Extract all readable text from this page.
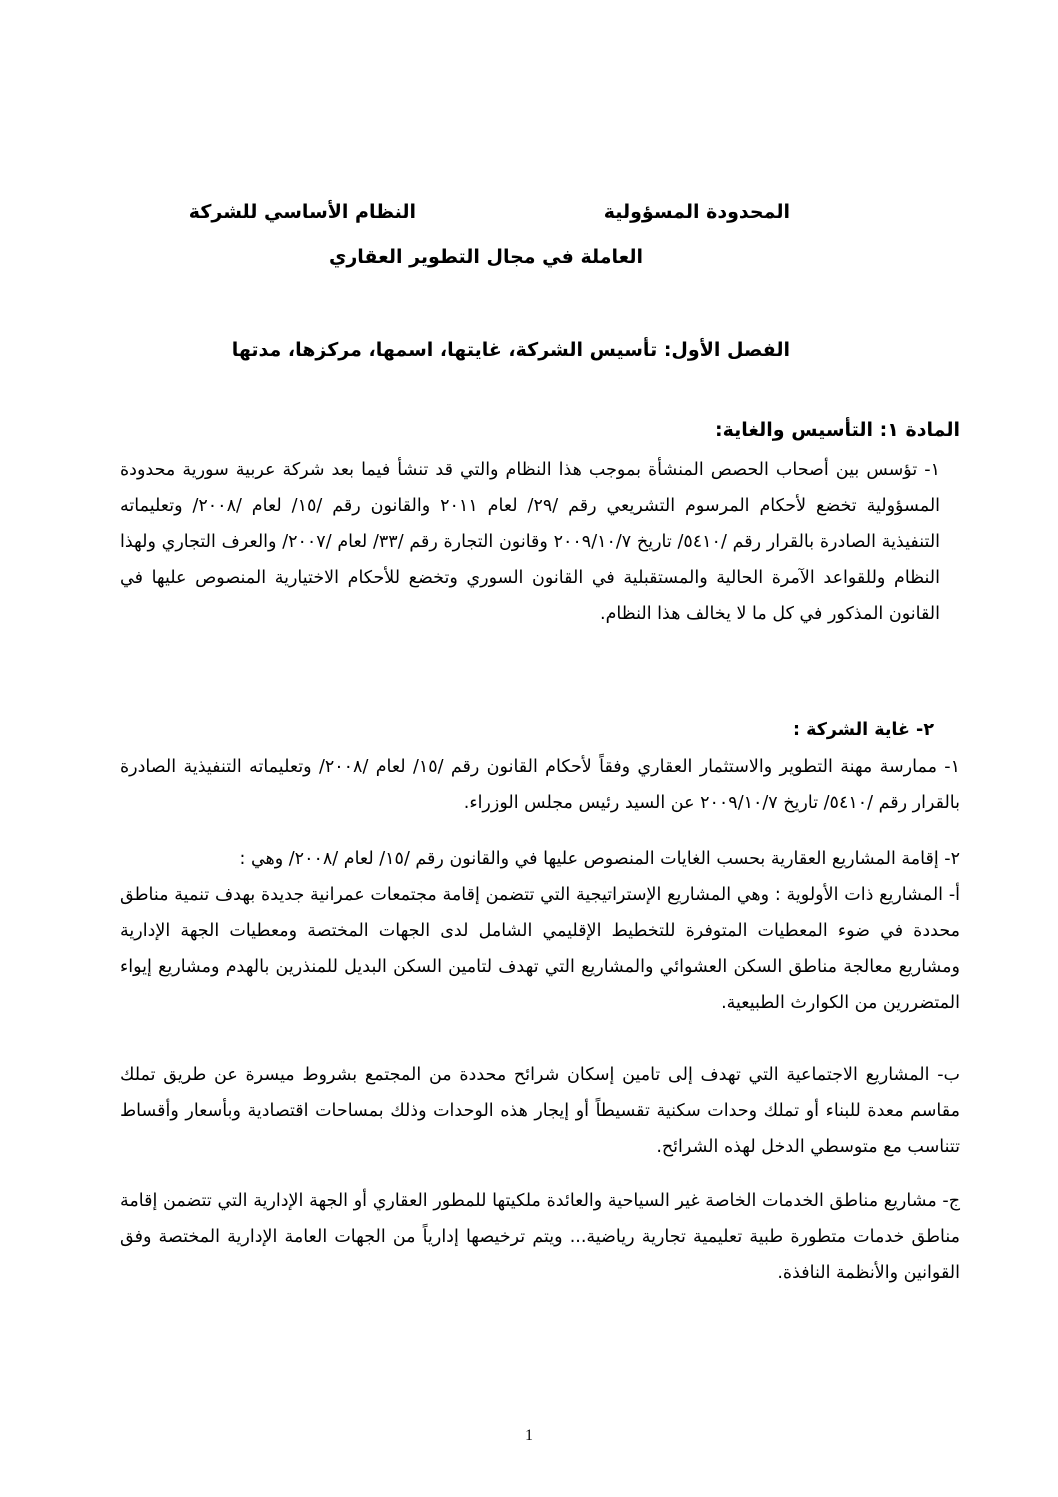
النظام الأساسي للشركة	المحدودة المسؤولية
العاملة في مجال التطوير العقاري
الفصل الأول: تأسيس الشركة، غايتها، اسمها، مركزها، مدتها
المادة ١: التأسيس والغاية:

١- تؤسس بين أصحاب الحصص المنشأة بموجب هذا النظام والتي قد تنشأ فيما بعد شركة عربية سورية محدودة المسؤولية تخضع لأحكام المرسوم التشريعي رقم /٢٩/ لعام ٢٠١١ والقانون رقم /١٥/ لعام /٢٠٠٨/ وتعليماته التنفيذية الصادرة بالقرار رقم /٥٤١٠/ تاريخ ٢٠٠٩/١٠/٧ وقانون التجارة رقم /٣٣/ لعام /٢٠٠٧/ والعرف التجاري ولهذا النظام وللقواعد الآمرة الحالية والمستقبلية في القانون السوري وتخضع للأحكام الاختيارية المنصوص عليها في القانون المذكور في كل ما لا يخالف هذا النظام.

٢- غاية الشركة :

١- ممارسة مهنة التطوير والاستثمار العقاري وفقاً لأحكام القانون رقم /١٥/ لعام /٢٠٠٨/ وتعليماته التنفيذية الصادرة بالقرار رقم /٥٤١٠/ تاريخ ٢٠٠٩/١٠/٧ عن السيد رئيس مجلس الوزراء.

٢- إقامة المشاريع العقارية بحسب الغايات المنصوص عليها في والقانون رقم /١٥/ لعام /٢٠٠٨/ وهي :

أ- المشاريع ذات الأولوية : وهي المشاريع الإستراتيجية التي تتضمن إقامة مجتمعات عمرانية جديدة بهدف تنمية مناطق محددة في ضوء المعطيات المتوفرة للتخطيط الإقليمي الشامل لدى الجهات المختصة ومعطيات الجهة الإدارية ومشاريع معالجة مناطق السكن العشوائي والمشاريع التي تهدف لتامين السكن البديل للمنذرين بالهدم ومشاريع إيواء المتضررين من الكوارث الطبيعية.

ب- المشاريع الاجتماعية التي تهدف إلى تامين إسكان شرائح محددة من المجتمع بشروط ميسرة عن طريق تملك مقاسم معدة للبناء أو تملك وحدات سكنية تقسيطاً أو إيجار هذه الوحدات وذلك بمساحات اقتصادية وبأسعار وأقساط تتناسب مع متوسطي الدخل لهذه الشرائح.

ج- مشاريع مناطق الخدمات الخاصة غير السياحية والعائدة ملكيتها للمطور العقاري أو الجهة الإدارية التي تتضمن إقامة مناطق خدمات متطورة طبية تعليمية تجارية رياضية... ويتم ترخيصها إدارياً من الجهات العامة الإدارية المختصة وفق القوانين والأنظمة النافذة.

1
